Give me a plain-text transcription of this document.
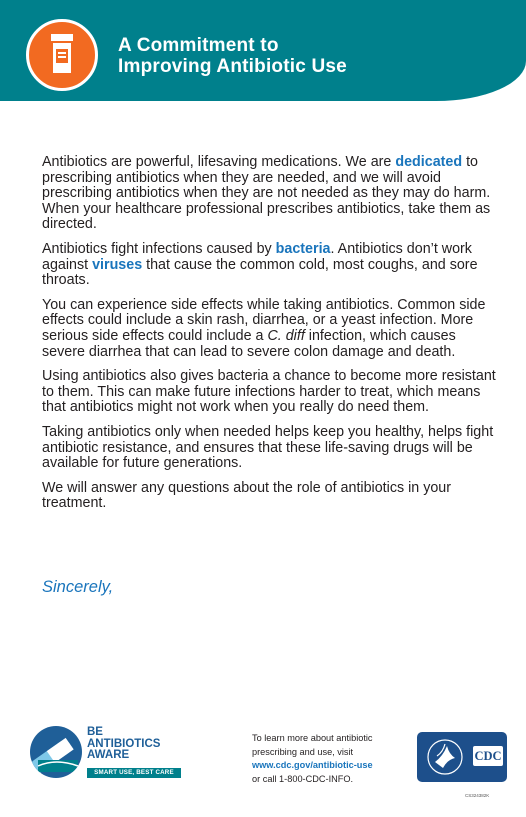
A Commitment to
Improving Antibiotic Use

Antibiotics are powerful, lifesaving medications. We are dedicated to prescribing antibiotics when they are needed, and we will avoid prescribing antibiotics when they are not needed as they may do harm. When your healthcare professional prescribes antibiotics, take them as directed.

Antibiotics fight infections caused by bacteria. Antibiotics don’t work against viruses that cause the common cold, most coughs, and sore throats.

You can experience side effects while taking antibiotics. Common side effects could include a skin rash, diarrhea, or a yeast infection. More serious side effects could include a C. diff infection, which causes severe diarrhea that can lead to severe colon damage and death.

Using antibiotics also gives bacteria a chance to become more resistant to them. This can make future infections harder to treat, which means that antibiotics might not work when you really do need them.

Taking antibiotics only when needed helps keep you healthy, helps fight antibiotic resistance, and ensures that these life-saving drugs will be available for future generations.

We will answer any questions about the role of antibiotics in your treatment.

Sincerely,
BE
ANTIBIOTICS
AWARE
SMART USE, BEST CARE
To learn more about antibiotic
prescribing and use, visit
www.cdc.gov/antibiotic-use
or call 1-800-CDC-INFO.
CDC
CS324382K
